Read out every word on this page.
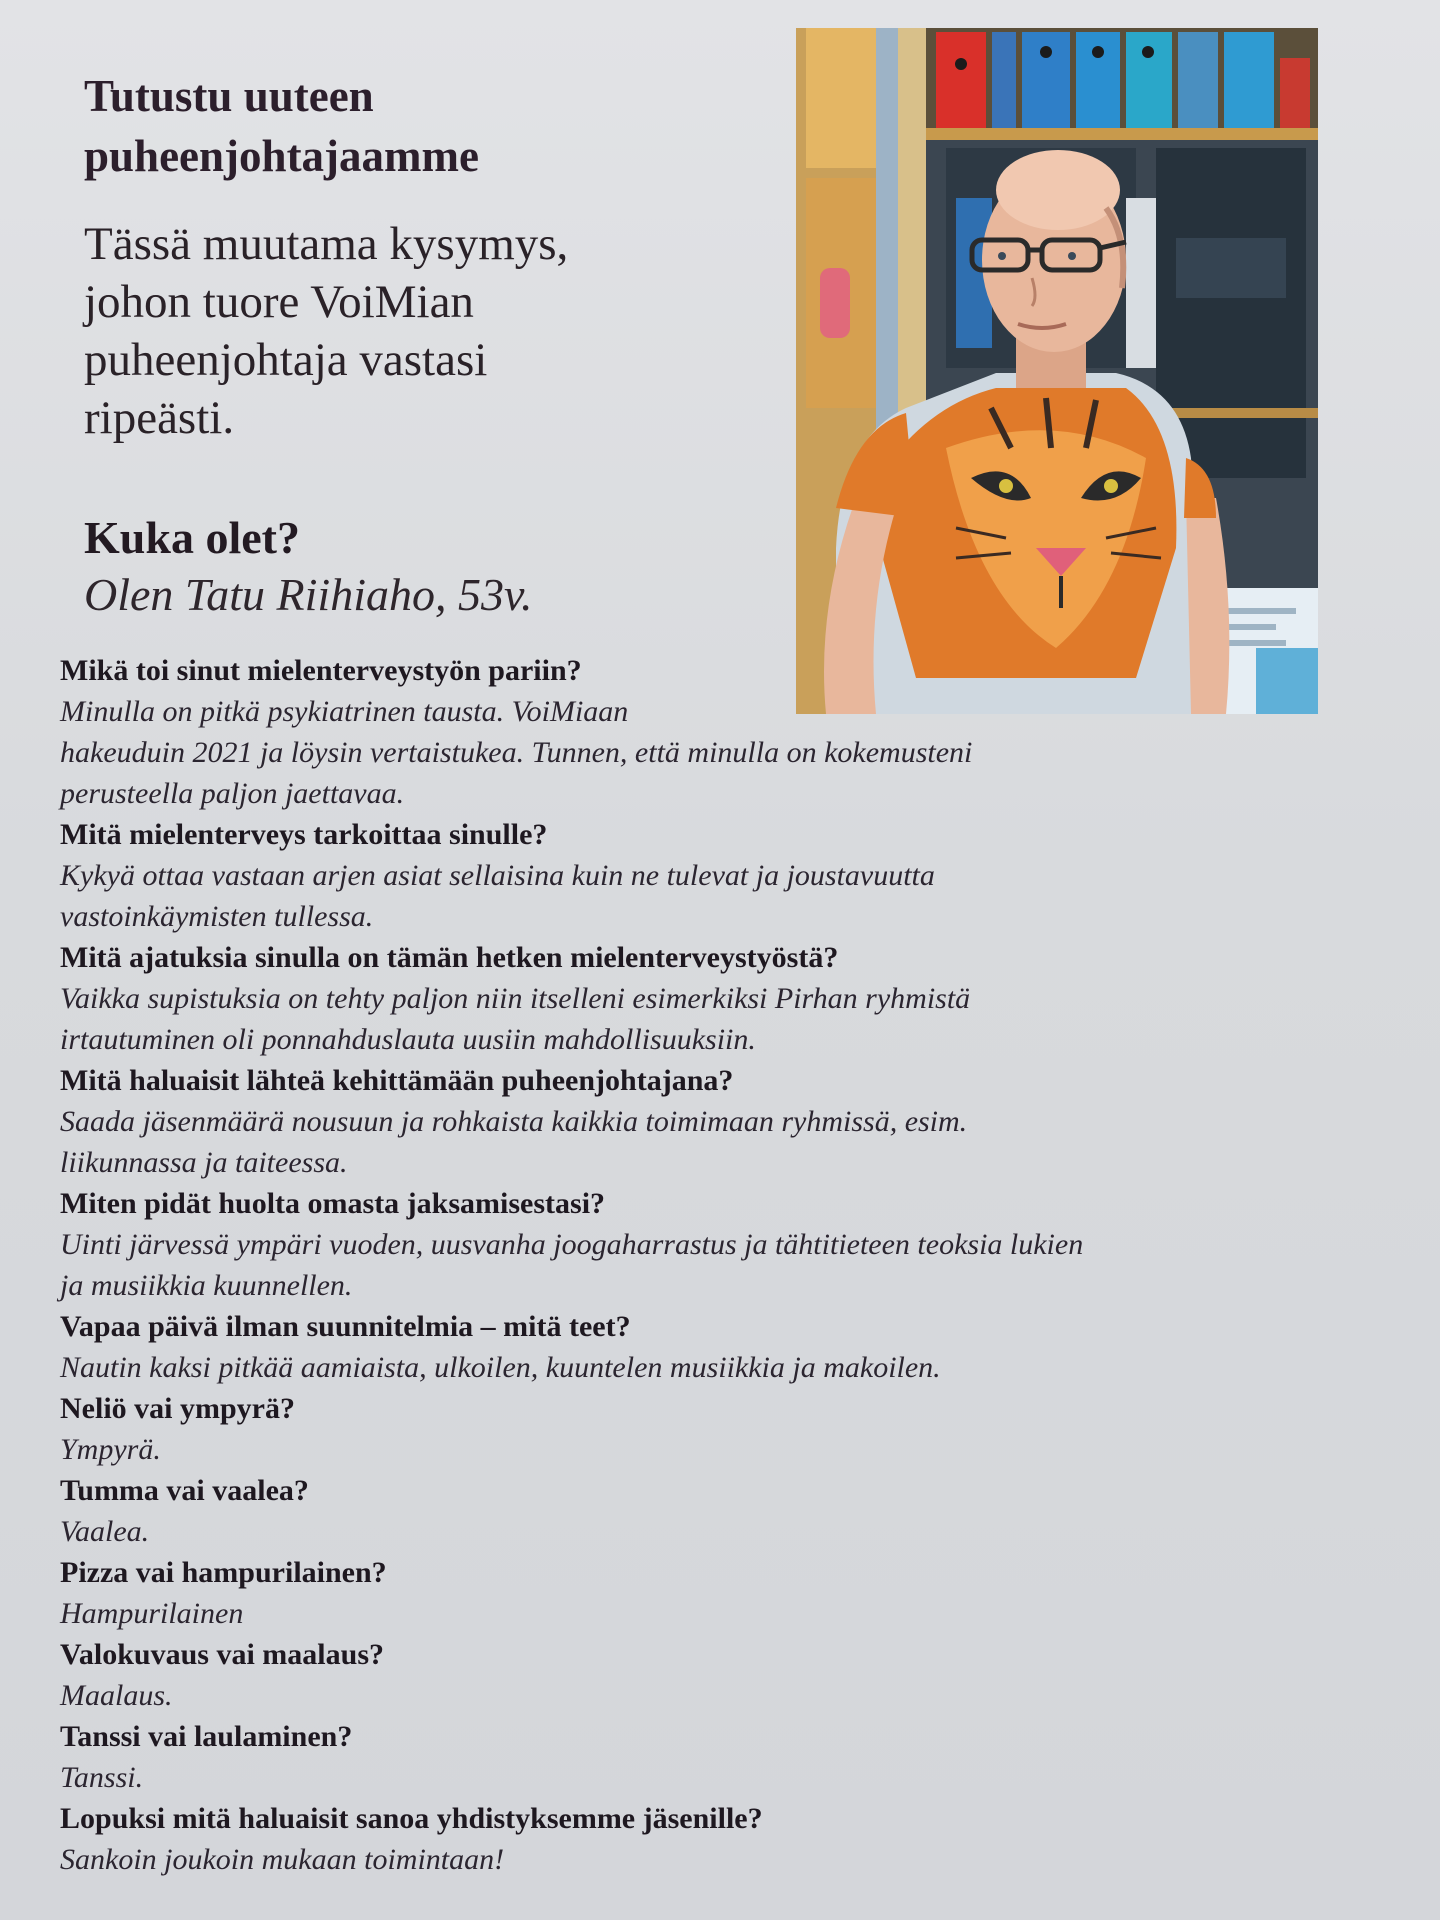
Tutustu uuteen
puheenjohtajaamme

Tässä muutama kysymys,
johon tuore VoiMian
puheenjohtaja vastasi
ripeästi.

Kuka olet?

Olen Tatu Riihiaho, 53v.

Mikä toi sinut mielenterveystyön pariin?
Minulla on pitkä psykiatrinen tausta. VoiMiaan
hakeuduin 2021 ja löysin vertaistukea. Tunnen, että minulla on kokemusteni
perusteella paljon jaettavaa.
Mitä mielenterveys tarkoittaa sinulle?
Kykyä ottaa vastaan arjen asiat sellaisina kuin ne tulevat ja joustavuutta
vastoinkäymisten tullessa.
Mitä ajatuksia sinulla on tämän hetken mielenterveystyöstä?
Vaikka supistuksia on tehty paljon niin itselleni esimerkiksi Pirhan ryhmistä
irtautuminen oli ponnahduslauta uusiin mahdollisuuksiin.
Mitä haluaisit lähteä kehittämään puheenjohtajana?
Saada jäsenmäärä nousuun ja rohkaista kaikkia toimimaan ryhmissä, esim.
liikunnassa ja taiteessa.
Miten pidät huolta omasta jaksamisestasi?
Uinti järvessä ympäri vuoden, uusvanha joogaharrastus ja tähtitieteen teoksia lukien
ja musiikkia kuunnellen.
Vapaa päivä ilman suunnitelmia – mitä teet?
Nautin kaksi pitkää aamiaista, ulkoilen, kuuntelen musiikkia ja makoilen.
Neliö vai ympyrä?
Ympyrä.
Tumma vai vaalea?
Vaalea.
Pizza vai hampurilainen?
Hampurilainen
Valokuvaus vai maalaus?
Maalaus.
Tanssi vai laulaminen?
Tanssi.
Lopuksi mitä haluaisit sanoa yhdistyksemme jäsenille?
Sankoin joukoin mukaan toimintaan!
